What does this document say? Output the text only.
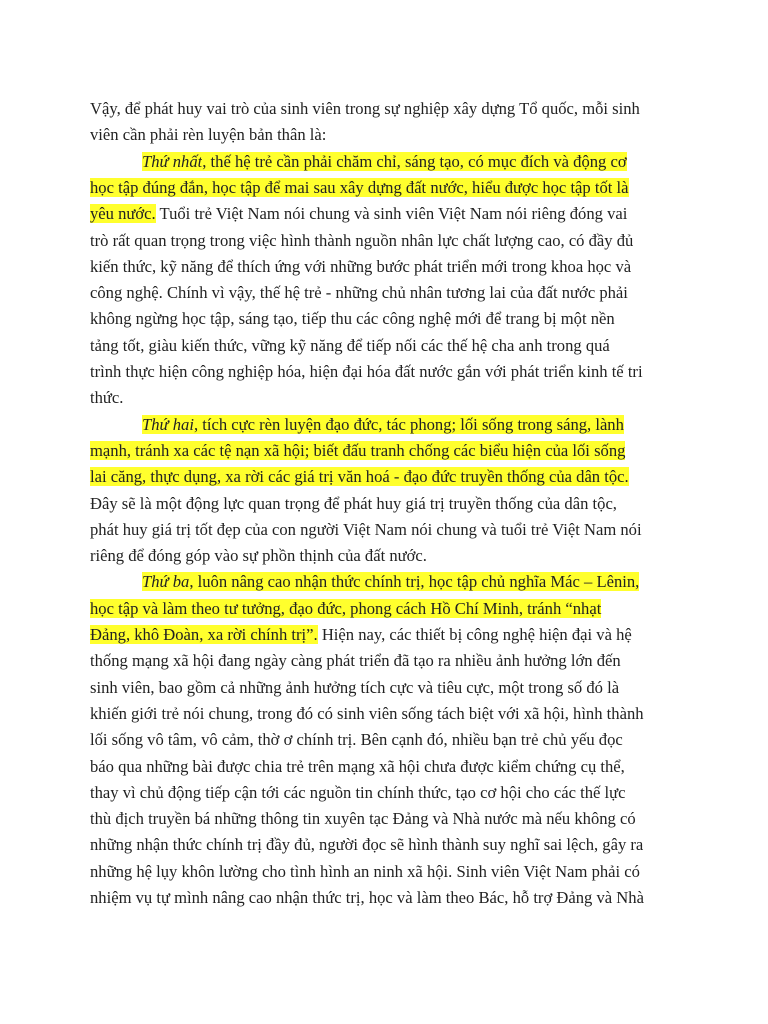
Vậy, để phát huy vai trò của sinh viên trong sự nghiệp xây dựng Tổ quốc, mỗi sinh
viên cần phải rèn luyện bản thân là:
Thứ nhất, thế hệ trẻ cần phải chăm chỉ, sáng tạo, có mục đích và động cơ
học tập đúng đắn, học tập để mai sau xây dựng đất nước, hiểu được học tập tốt là
yêu nước. Tuổi trẻ Việt Nam nói chung và sinh viên Việt Nam nói riêng đóng vai
trò rất quan trọng trong việc hình thành nguồn nhân lực chất lượng cao, có đầy đủ
kiến thức, kỹ năng để thích ứng với những bước phát triển mới trong khoa học và
công nghệ. Chính vì vậy, thế hệ trẻ - những chủ nhân tương lai của đất nước phải
không ngừng học tập, sáng tạo, tiếp thu các công nghệ mới để trang bị một nền
tảng tốt, giàu kiến thức, vững kỹ năng để tiếp nối các thế hệ cha anh trong quá
trình thực hiện công nghiệp hóa, hiện đại hóa đất nước gắn với phát triển kinh tế tri
thức.
Thứ hai, tích cực rèn luyện đạo đức, tác phong; lối sống trong sáng, lành
mạnh, tránh xa các tệ nạn xã hội; biết đấu tranh chống các biểu hiện của lối sống
lai căng, thực dụng, xa rời các giá trị văn hoá - đạo đức truyền thống của dân tộc.
Đây sẽ là một động lực quan trọng để phát huy giá trị truyền thống của dân tộc,
phát huy giá trị tốt đẹp của con người Việt Nam nói chung và tuổi trẻ Việt Nam nói
riêng để đóng góp vào sự phồn thịnh của đất nước.
Thứ ba, luôn nâng cao nhận thức chính trị, học tập chủ nghĩa Mác – Lênin,
học tập và làm theo tư tưởng, đạo đức, phong cách Hồ Chí Minh, tránh “nhạt
Đảng, khô Đoàn, xa rời chính trị”. Hiện nay, các thiết bị công nghệ hiện đại và hệ
thống mạng xã hội đang ngày càng phát triển đã tạo ra nhiều ảnh hưởng lớn đến
sinh viên, bao gồm cả những ảnh hưởng tích cực và tiêu cực, một trong số đó là
khiến giới trẻ nói chung, trong đó có sinh viên sống tách biệt với xã hội, hình thành
lối sống vô tâm, vô cảm, thờ ơ chính trị. Bên cạnh đó, nhiều bạn trẻ chủ yếu đọc
báo qua những bài được chia trẻ trên mạng xã hội chưa được kiểm chứng cụ thể,
thay vì chủ động tiếp cận tới các nguồn tin chính thức, tạo cơ hội cho các thế lực
thù địch truyền bá những thông tin xuyên tạc Đảng và Nhà nước mà nếu không có
những nhận thức chính trị đầy đủ, người đọc sẽ hình thành suy nghĩ sai lệch, gây ra
những hệ lụy khôn lường cho tình hình an ninh xã hội. Sinh viên Việt Nam phải có
nhiệm vụ tự mình nâng cao nhận thức trị, học và làm theo Bác, hỗ trợ Đảng và Nhà
